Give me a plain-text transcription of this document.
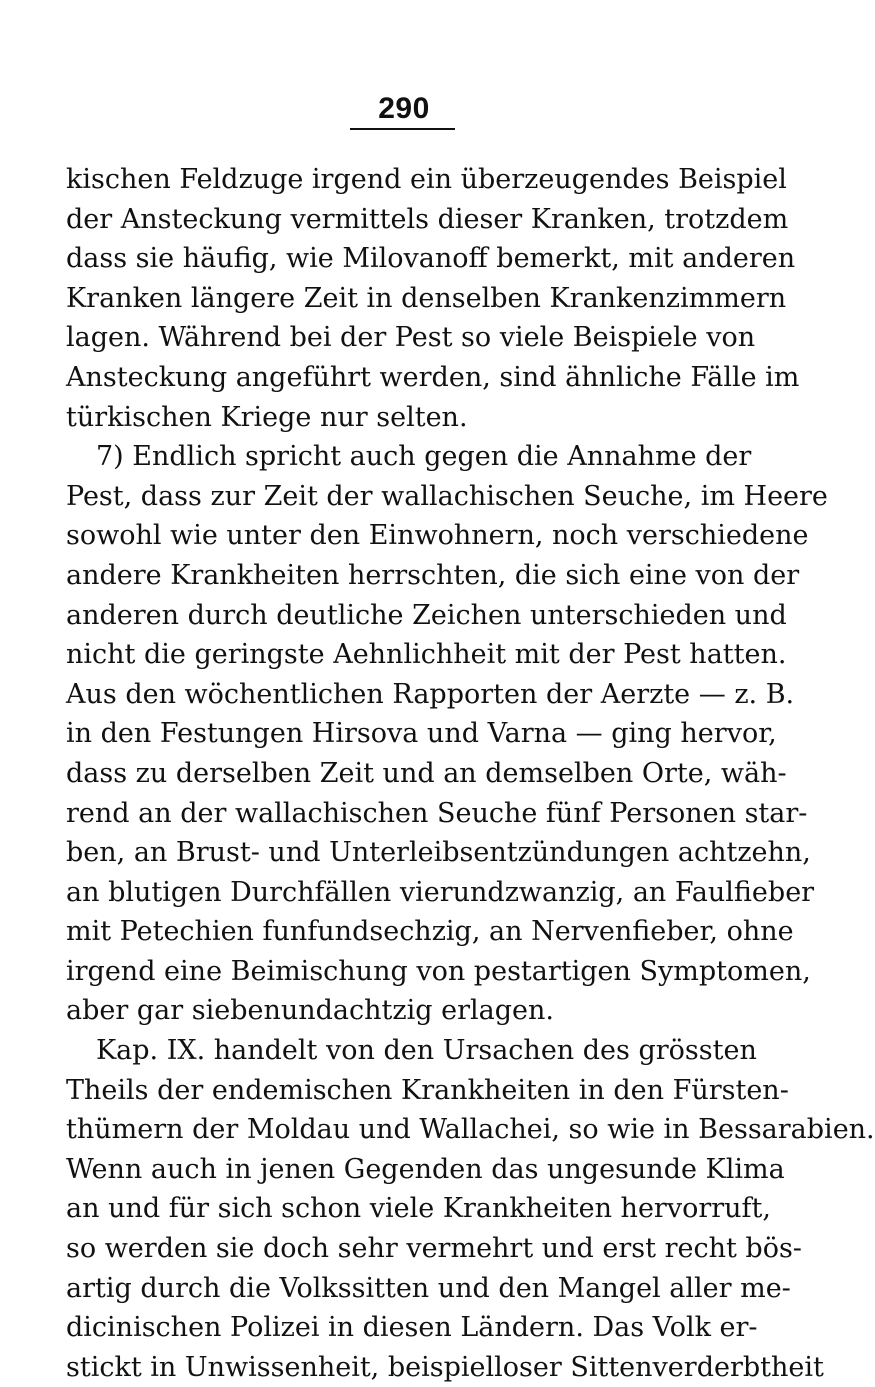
290
kischen Feldzuge irgend ein überzeugendes Beispiel
der Ansteckung vermittels dieser Kranken, trotzdem
dass sie häufig, wie Milovanoff bemerkt, mit anderen
Kranken längere Zeit in denselben Krankenzimmern
lagen. Während bei der Pest so viele Beispiele von
Ansteckung angeführt werden, sind ähnliche Fälle im
türkischen Kriege nur selten.
7) Endlich spricht auch gegen die Annahme der
Pest, dass zur Zeit der wallachischen Seuche, im Heere
sowohl wie unter den Einwohnern, noch verschiedene
andere Krankheiten herrschten, die sich eine von der
anderen durch deutliche Zeichen unterschieden und
nicht die geringste Aehnlichheit mit der Pest hatten.
Aus den wöchentlichen Rapporten der Aerzte — z. B.
in den Festungen Hirsova und Varna — ging hervor,
dass zu derselben Zeit und an demselben Orte, wäh-
rend an der wallachischen Seuche fünf Personen star-
ben, an Brust- und Unterleibsentzündungen achtzehn,
an blutigen Durchfällen vierundzwanzig, an Faulfieber
mit Petechien funfundsechzig, an Nervenfieber, ohne
irgend eine Beimischung von pestartigen Symptomen,
aber gar siebenundachtzig erlagen.
Kap. IX. handelt von den Ursachen des grössten
Theils der endemischen Krankheiten in den Fürsten-
thümern der Moldau und Wallachei, so wie in Bessarabien.
Wenn auch in jenen Gegenden das ungesunde Klima
an und für sich schon viele Krankheiten hervorruft,
so werden sie doch sehr vermehrt und erst recht bös-
artig durch die Volkssitten und den Mangel aller me-
dicinischen Polizei in diesen Ländern. Das Volk er-
stickt in Unwissenheit, beispielloser Sittenverderbtheit
